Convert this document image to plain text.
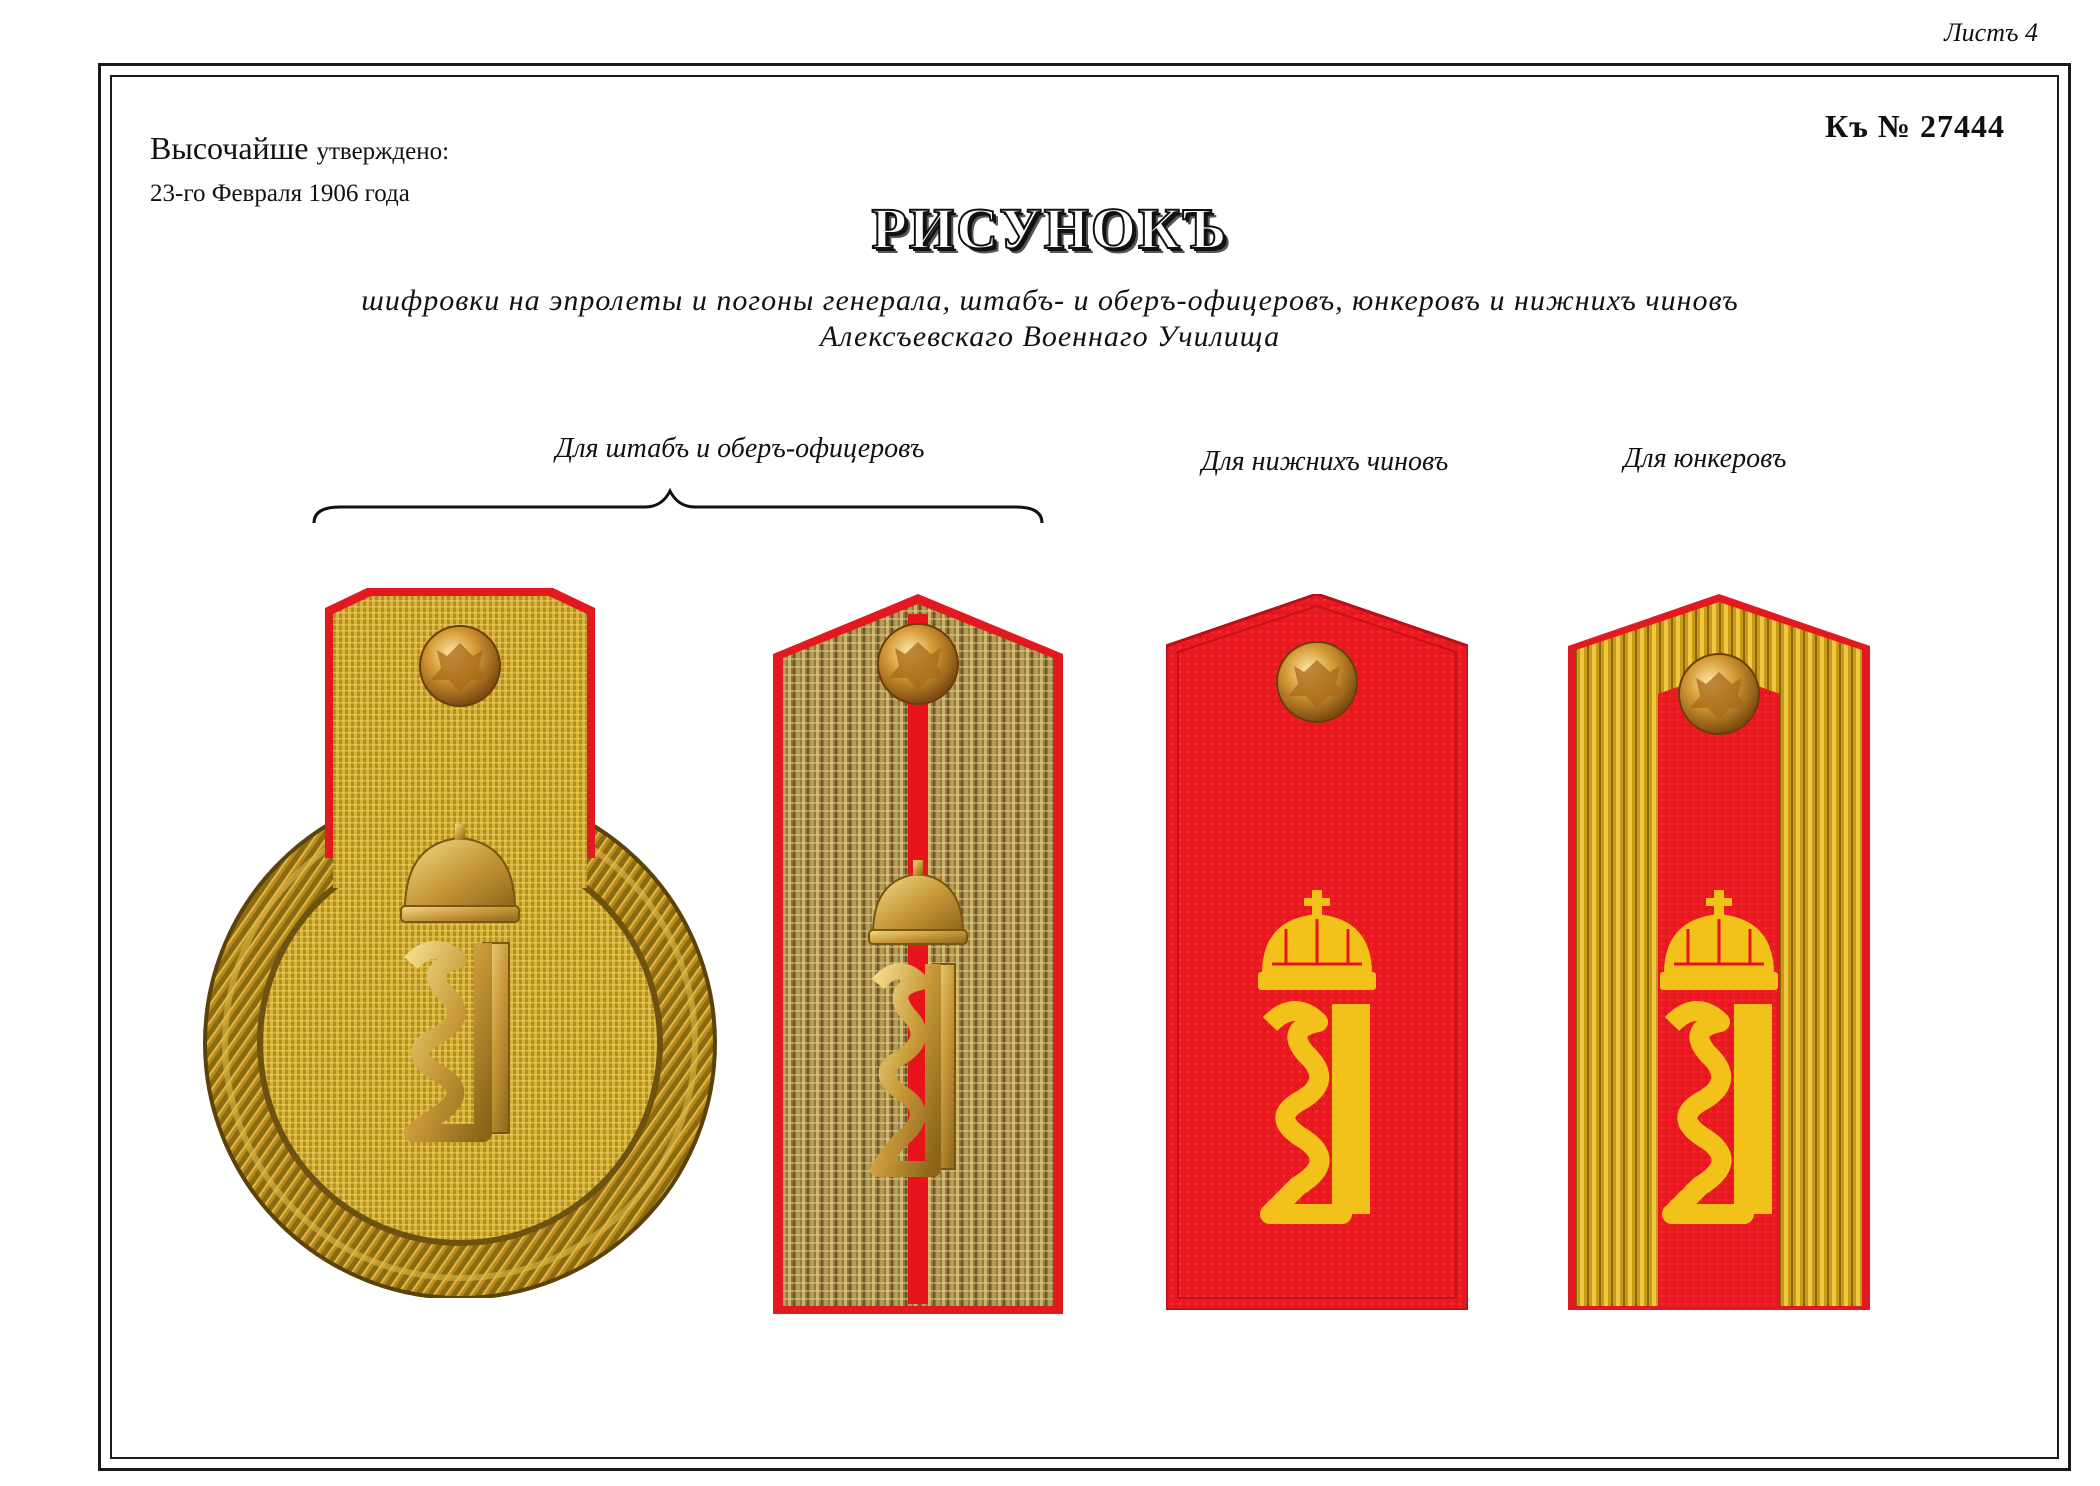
Листъ 4
Высочайше утверждено:
23-го Февраля 1906 года
Къ № 27444
РИСУНОКЪ
шифровки на эпролеты и погоны генерала, штабъ- и оберъ-офицеровъ, юнкеровъ и нижнихъ чиновъ
Алексъевскаго Военнаго Училища
Для штабъ и оберъ-офицеровъ	Для нижнихъ чиновъ	Для юнкеровъ
